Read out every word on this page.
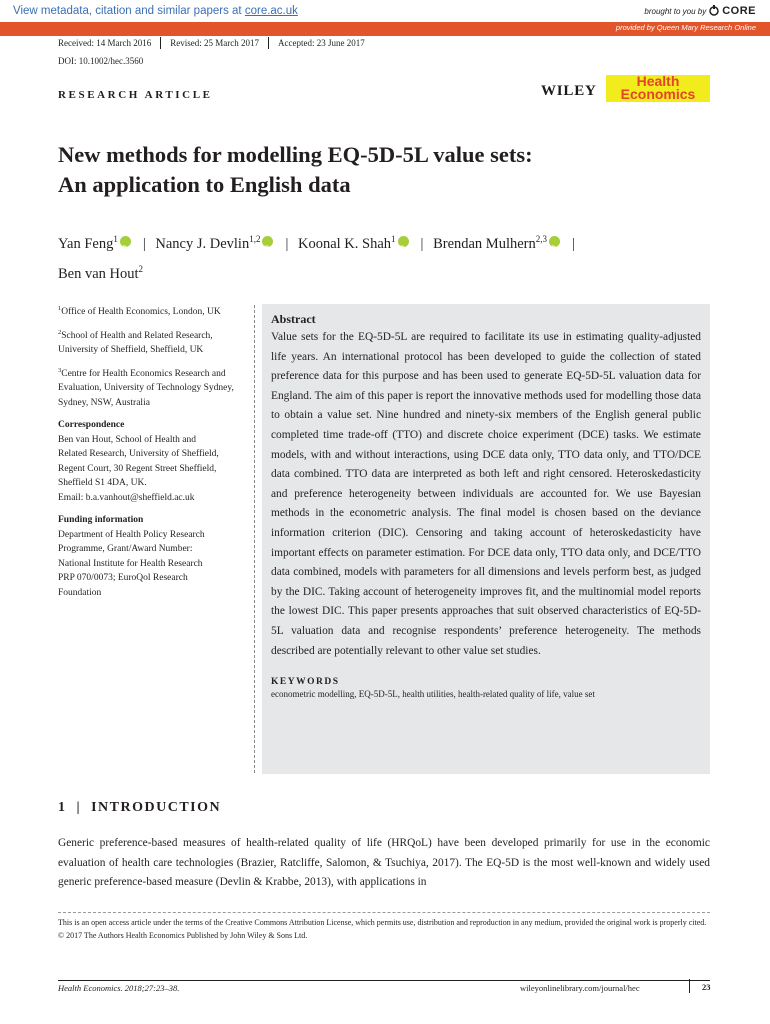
View metadata, citation and similar papers at core.ac.uk	brought to you by CORE
provided by Queen Mary Research Online
Received: 14 March 2016	Revised: 25 March 2017	Accepted: 23 June 2017
DOI: 10.1002/hec.3560
RESEARCH ARTICLE	WILEY
Health
Economics
New methods for modelling EQ-5D-5L value sets:
An application to English data
Yan Feng$^1$ iD | Nancy J. Devlin$^{1,2}$ iD | Koonal K. Shah$^1$ iD | Brendan Mulhern$^{2,3}$iD |
Ben van Hout$^2$

$^1$Office of Health Economics, London, UK

$^2$School of Health and Related Research, University of Sheffield, Sheffield, UK

$^3$Centre for Health Economics Research and Evaluation, University of Technology Sydney, Sydney, NSW, Australia

Correspondence

Ben van Hout, School of Health and
Related Research, University of Sheffield,
Regent Court, 30 Regent Street Sheffield,
Sheffield S1 4DA, UK.
Email: b.a.vanhout@sheffield.ac.uk

Funding information

Department of Health Policy Research
Programme, Grant/Award Number:
National Institute for Health Research
PRP 070/0073; EuroQol Research
Foundation

Abstract

Value sets for the EQ-5D-5L are required to facilitate its use in estimating quality-adjusted life years. An international protocol has been developed to guide the collection of stated preference data for this purpose and has been used to generate EQ-5D-5L valuation data for England. The aim of this paper is report the innovative methods used for modelling those data to obtain a value set. Nine hundred and ninety-six members of the English general public completed time trade-off (TTO) and discrete choice experiment (DCE) tasks. We estimate models, with and without interactions, using DCE data only, TTO data only, and TTO/DCE data combined. TTO data are interpreted as both left and right censored. Heteroskedasticity and preference heterogeneity between individuals are accounted for. We use Bayesian methods in the econometric analysis. The final model is chosen based on the deviance information criterion (DIC). Censoring and taking account of heteroskedasticity have important effects on parameter estimation. For DCE data only, TTO data only, and DCE/TTO data combined, models with parameters for all dimensions and levels perform best, as judged by the DIC. Taking account of heterogeneity improves fit, and the multinomial model reports the lowest DIC. This paper presents approaches that suit observed characteristics of EQ-5D-5L valuation data and recognise respondents’ preference heterogeneity. The methods described are potentially relevant to other value set studies.

KEYWORDS
econometric modelling, EQ-5D-5L, health utilities, health-related quality of life, value set
1  |  INTRODUCTION
Generic preference-based measures of health-related quality of life (HRQoL) have been developed primarily for use in the economic evaluation of health care technologies (Brazier, Ratcliffe, Salomon, & Tsuchiya, 2017). The EQ-5D is the most well-known and widely used generic preference-based measure (Devlin & Krabbe, 2013), with applications in

This is an open access article under the terms of the Creative Commons Attribution License, which permits use, distribution and reproduction in any medium, provided the original work is properly cited.

© 2017 The Authors Health Economics Published by John Wiley & Sons Ltd.

Health Economics. 2018;27:23–38.	wileyonlinelibrary.com/journal/hec	23
